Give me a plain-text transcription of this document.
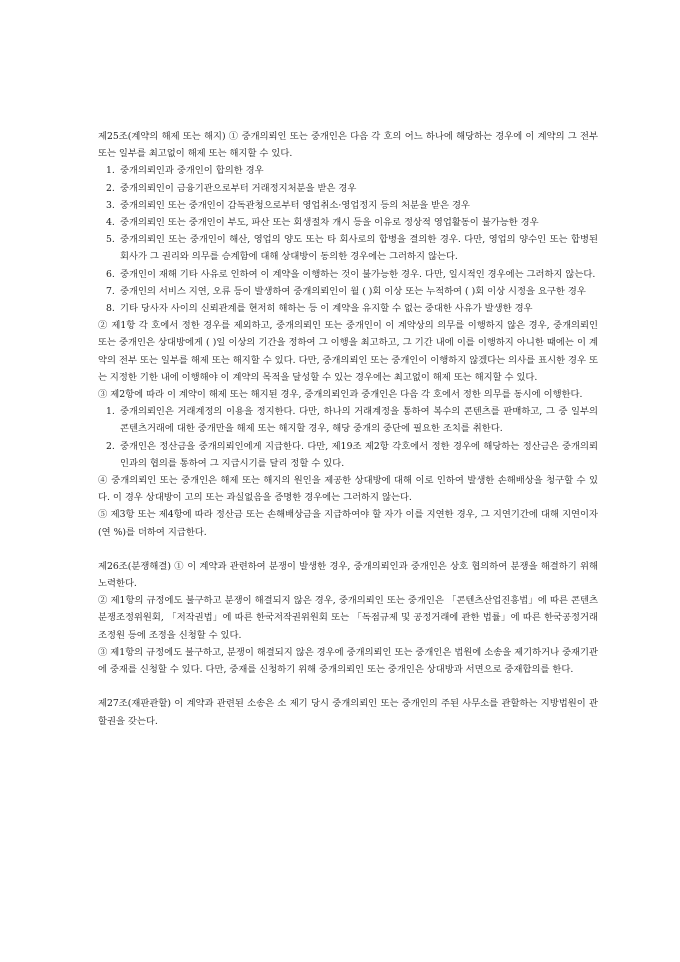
제25조(계약의 해제 또는 해지) ① 중개의뢰인 또는 중개인은 다음 각 호의 어느 하나에 해당하는 경우에 이 계약의 그 전부 또는 일부를 최고없이 해제 또는 해지할 수 있다.

1. 중개의뢰인과 중개인이 합의한 경우
2. 중개의뢰인이 금융기관으로부터 거래정지처분을 받은 경우
3. 중개의뢰인 또는 중개인이 감독관청으로부터 영업취소·영업정지 등의 처분을 받은 경우
4. 중개의뢰인 또는 중개인이 부도, 파산 또는 회생절차 개시 등을 이유로 정상적 영업활동이 불가능한 경우
5. 중개의뢰인 또는 중개인이 해산, 영업의 양도 또는 타 회사로의 합병을 결의한 경우. 다만, 영업의 양수인 또는 합병된 회사가 그 권리와 의무를 승계함에 대해 상대방이 동의한 경우에는 그러하지 않는다.
6. 중개인이 재해 기타 사유로 인하여 이 계약을 이행하는 것이 불가능한 경우. 다만, 일시적인 경우에는 그러하지 않는다.
7. 중개인의 서비스 지연, 오류 등이 발생하여 중개의뢰인이 월 ( )회 이상 또는 누적하여 ( )회 이상 시정을 요구한 경우
8. 기타 당사자 사이의 신뢰관계를 현저히 해하는 등 이 계약을 유지할 수 없는 중대한 사유가 발생한 경우

② 제1항 각 호에서 정한 경우를 제외하고, 중개의뢰인 또는 중개인이 이 계약상의 의무를 이행하지 않은 경우, 중개의뢰인 또는 중개인은 상대방에게 ( )일 이상의 기간을 정하여 그 이행을 최고하고, 그 기간 내에 이를 이행하지 아니한 때에는 이 계약의 전부 또는 일부를 해제 또는 해지할 수 있다. 다만, 중개의뢰인 또는 중개인이 이행하지 않겠다는 의사를 표시한 경우 또는 지정한 기한 내에 이행해야 이 계약의 목적을 달성할 수 있는 경우에는 최고없이 해제 또는 해지할 수 있다.

③ 제2항에 따라 이 계약이 해제 또는 해지된 경우, 중개의뢰인과 중개인은 다음 각 호에서 정한 의무를 동시에 이행한다.

1. 중개의뢰인은 거래계정의 이용을 정지한다. 다만, 하나의 거래계정을 통하여 복수의 콘텐츠를 판매하고, 그 중 일부의 콘텐츠거래에 대한 중개만을 해제 또는 해지할 경우, 해당 중개의 중단에 필요한 조치를 취한다.
2. 중개인은 정산금을 중개의뢰인에게 지급한다. 다만, 제19조 제2항 각호에서 정한 경우에 해당하는 정산금은 중개의뢰인과의 협의를 통하여 그 지급시기를 달리 정할 수 있다.

④ 중개의뢰인 또는 중개인은 해제 또는 해지의 원인을 제공한 상대방에 대해 이로 인하여 발생한 손해배상을 청구할 수 있다. 이 경우 상대방이 고의 또는 과실없음을 증명한 경우에는 그러하지 않는다.

⑤ 제3항 또는 제4항에 따라 정산금 또는 손해배상금을 지급하여야 할 자가 이를 지연한 경우, 그 지연기간에 대해 지연이자(연 %)를 더하여 지급한다.

제26조(분쟁해결) ① 이 계약과 관련하여 분쟁이 발생한 경우, 중개의뢰인과 중개인은 상호 협의하여 분쟁을 해결하기 위해 노력한다.

② 제1항의 규정에도 불구하고 분쟁이 해결되지 않은 경우, 중개의뢰인 또는 중개인은 「콘텐츠산업진흥법」에 따른 콘텐츠분쟁조정위원회, 「저작권법」에 따른 한국저작권위원회 또는 「독점규제 및 공정거래에 관한 법률」에 따른 한국공정거래조정원 등에 조정을 신청할 수 있다.

③ 제1항의 규정에도 불구하고, 분쟁이 해결되지 않은 경우에 중개의뢰인 또는 중개인은 법원에 소송을 제기하거나 중재기관에 중재를 신청할 수 있다. 다만, 중재를 신청하기 위해 중개의뢰인 또는 중개인은 상대방과 서면으로 중재합의를 한다.

제27조(재판관할) 이 계약과 관련된 소송은 소 제기 당시 중개의뢰인 또는 중개인의 주된 사무소를 관할하는 지방법원이 관할권을 갖는다.
